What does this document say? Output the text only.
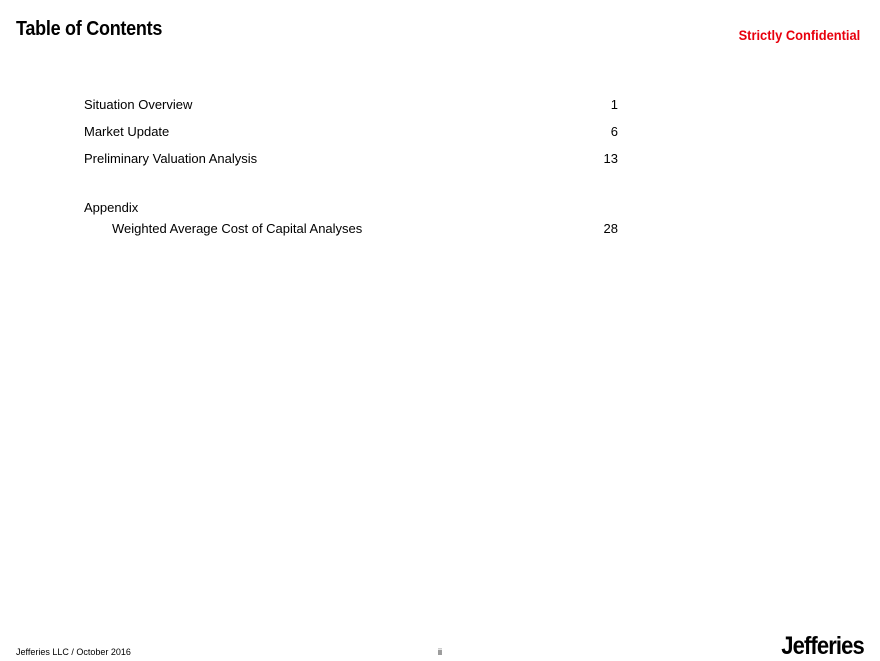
Table of Contents	Strictly Confidential
Situation Overview	1
Market Update	6
Preliminary Valuation Analysis	13
Appendix
Weighted Average Cost of Capital Analyses	28
Jefferies LLC / October 2016	ii	Jefferies
